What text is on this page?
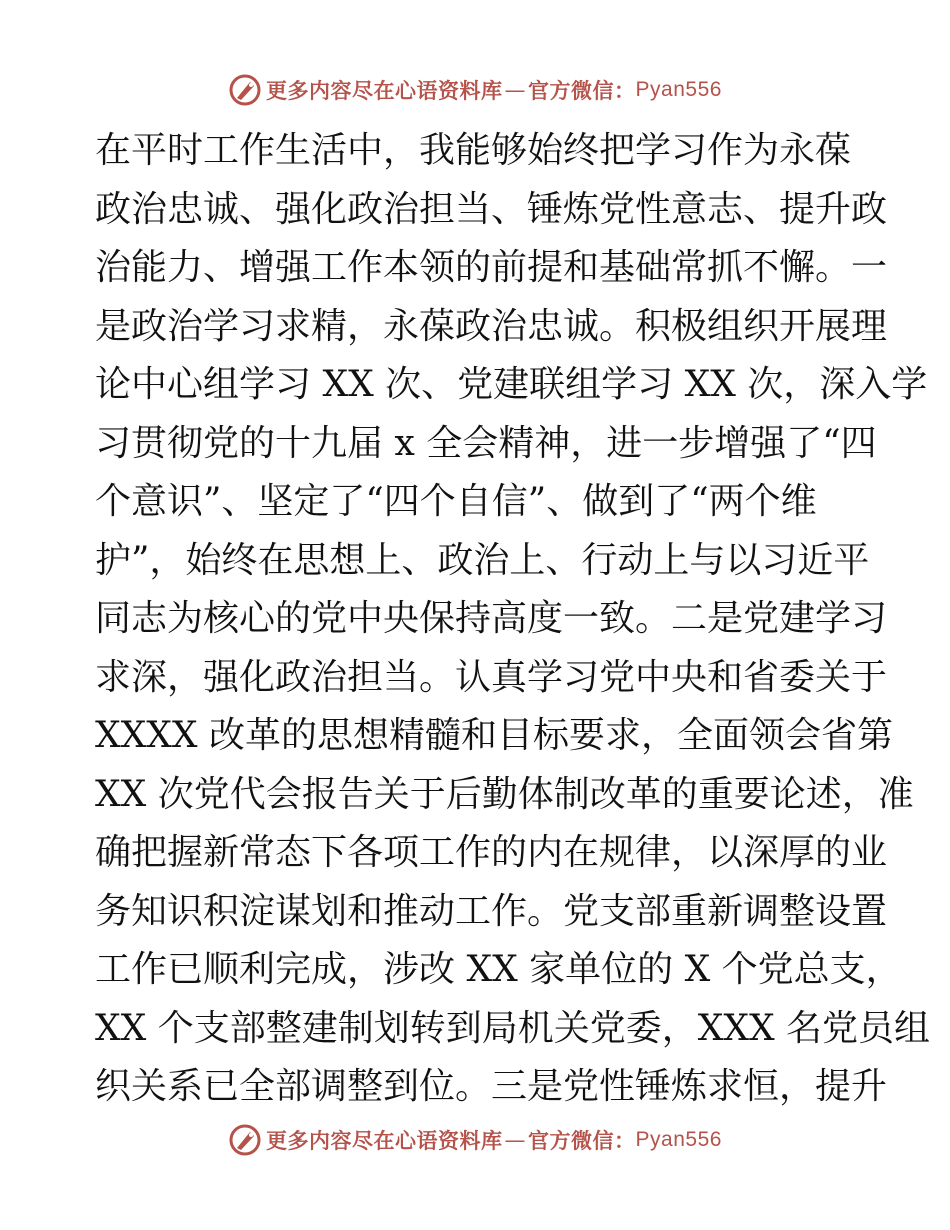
更多内容尽在心语资料库 — 官方微信： Pyan556
在平时工作生活中，我能够始终把学习作为永葆
政治忠诚、强化政治担当、锤炼党性意志、提升政
治能力、增强工作本领的前提和基础常抓不懈。一
是政治学习求精，永葆政治忠诚。积极组织开展理
论中心组学习 XX 次、党建联组学习 XX 次，深入学
习贯彻党的十九届 x 全会精神，进一步增强了“四
个意识”、坚定了“四个自信”、做到了“两个维
护”，始终在思想上、政治上、行动上与以习近平
同志为核心的党中央保持高度一致。二是党建学习
求深，强化政治担当。认真学习党中央和省委关于
XXXX 改革的思想精髓和目标要求，全面领会省第
XX 次党代会报告关于后勤体制改革的重要论述，准
确把握新常态下各项工作的内在规律，以深厚的业
务知识积淀谋划和推动工作。党支部重新调整设置
工作已顺利完成，涉改 XX 家单位的 X 个党总支，
XX 个支部整建制划转到局机关党委，XXX 名党员组
织关系已全部调整到位。三是党性锤炼求恒，提升
更多内容尽在心语资料库 — 官方微信： Pyan556
